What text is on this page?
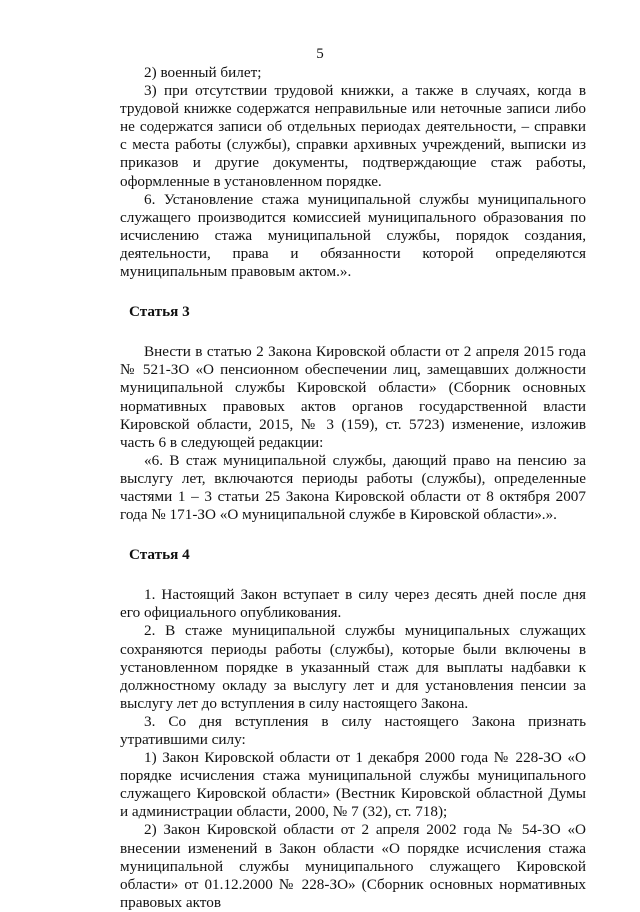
5

2) военный билет;

3) при отсутствии трудовой книжки, а также в случаях, когда в трудовой книжке содержатся неправильные или неточные записи либо не содержатся записи об отдельных периодах деятельности, – справки с места работы (службы), справки архивных учреждений, выписки из приказов и другие документы, подтверждающие стаж работы, оформленные в установленном порядке.

6. Установление стажа муниципальной службы муниципального служащего производится комиссией муниципального образования по исчислению стажа муниципальной службы, порядок создания, деятельности, права и обязанности которой определяются муниципальным правовым актом.».

Статья 3

Внести в статью 2 Закона Кировской области от 2 апреля 2015 года № 521-ЗО «О пенсионном обеспечении лиц, замещавших должности муниципальной службы Кировской области» (Сборник основных нормативных правовых актов органов государственной власти Кировской области, 2015, № 3 (159), ст. 5723) изменение, изложив часть 6 в следующей редакции:

«6. В стаж муниципальной службы, дающий право на пенсию за выслугу лет, включаются периоды работы (службы), определенные частями 1 – 3 статьи 25 Закона Кировской области от 8 октября 2007 года № 171-ЗО «О муниципальной службе в Кировской области».».

Статья 4

1. Настоящий Закон вступает в силу через десять дней после дня его официального опубликования.

2. В стаже муниципальной службы муниципальных служащих сохраняются периоды работы (службы), которые были включены в установленном порядке в указанный стаж для выплаты надбавки к должностному окладу за выслугу лет и для установления пенсии за выслугу лет до вступления в силу настоящего Закона.

3. Со дня вступления в силу настоящего Закона признать утратившими силу:

1) Закон Кировской области от 1 декабря 2000 года № 228-ЗО «О порядке исчисления стажа муниципальной службы муниципального служащего Кировской области» (Вестник Кировской областной Думы и администрации области, 2000, № 7 (32), ст. 718);

2) Закон Кировской области от 2 апреля 2002 года № 54-ЗО «О внесении изменений в Закон области «О порядке исчисления стажа муниципальной службы муниципального служащего Кировской области» от 01.12.2000 № 228-ЗО» (Сборник основных нормативных правовых актов
